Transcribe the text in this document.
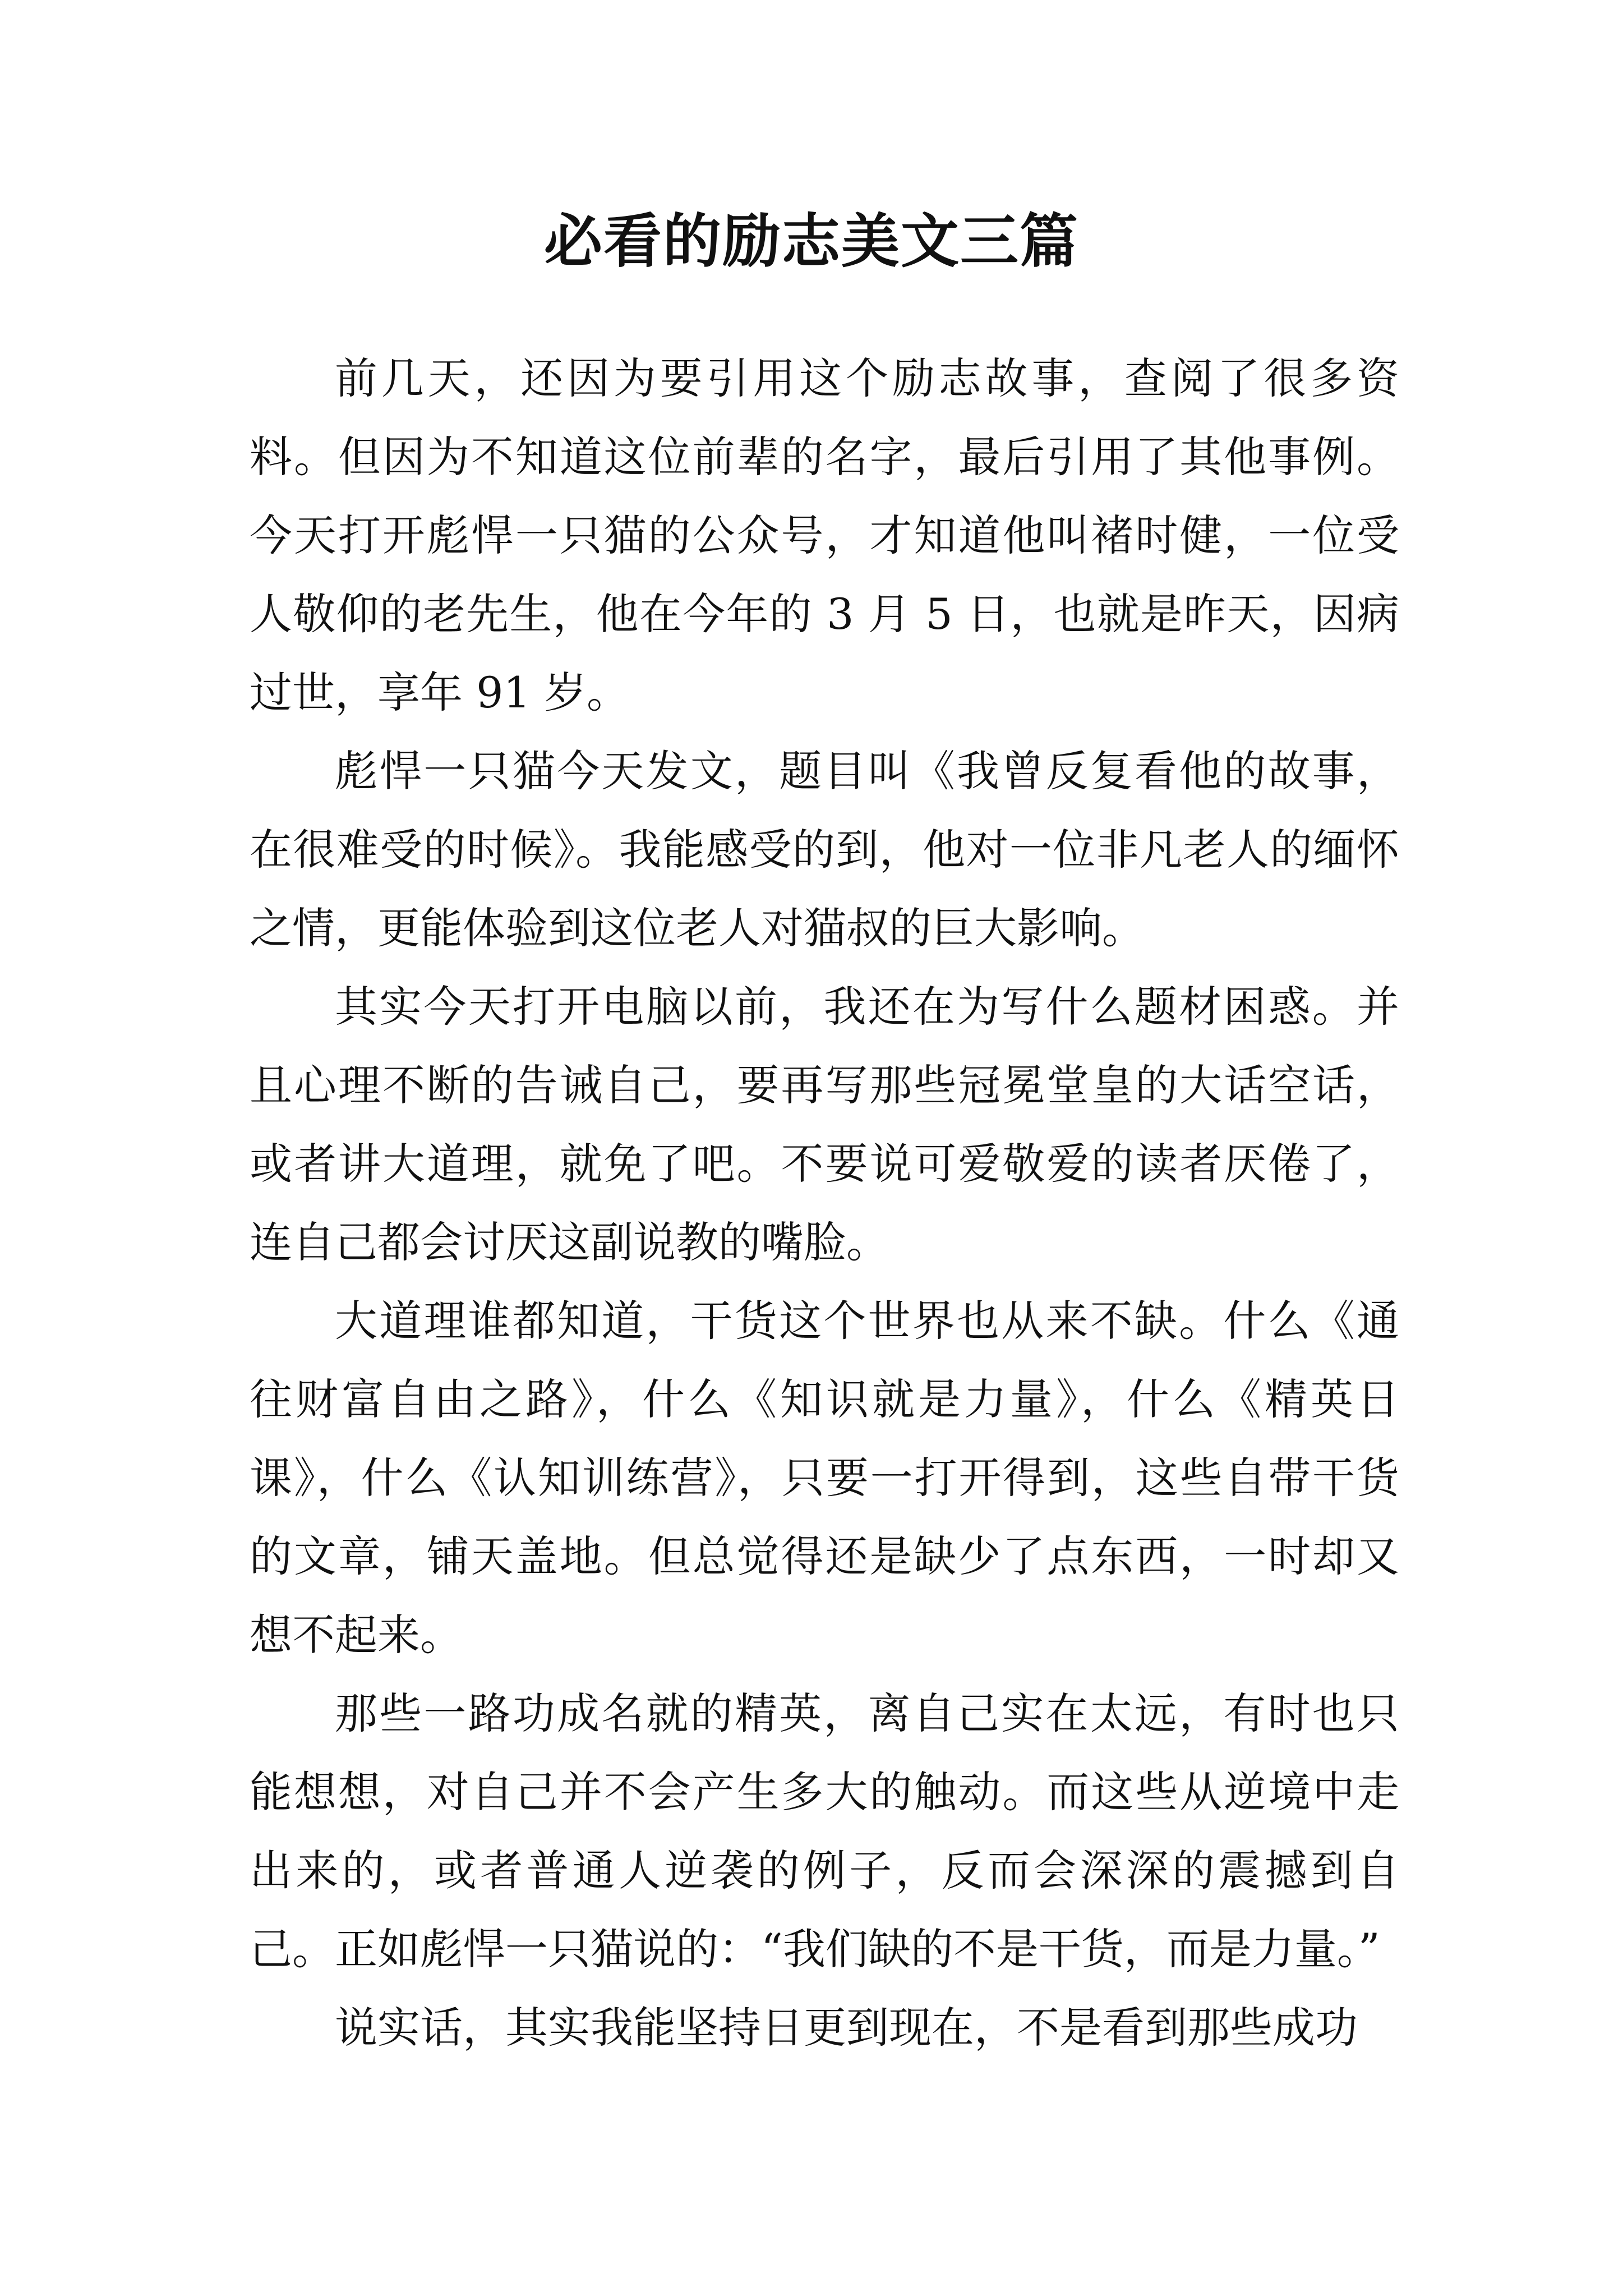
必看的励志美文三篇

前几天，还因为要引用这个励志故事，查阅了很多资料。但因为不知道这位前辈的名字，最后引用了其他事例。今天打开彪悍一只猫的公众号，才知道他叫褚时健，一位受人敬仰的老先生，他在今年的 3 月 5 日，也就是昨天，因病过世，享年 91 岁。

彪悍一只猫今天发文，题目叫《我曾反复看他的故事，在很难受的时候》。我能感受的到，他对一位非凡老人的缅怀之情，更能体验到这位老人对猫叔的巨大影响。

其实今天打开电脑以前，我还在为写什么题材困惑。并且心理不断的告诫自己，要再写那些冠冕堂皇的大话空话，或者讲大道理，就免了吧。不要说可爱敬爱的读者厌倦了，连自己都会讨厌这副说教的嘴脸。

大道理谁都知道，干货这个世界也从来不缺。什么《通往财富自由之路》，什么《知识就是力量》，什么《精英日课》，什么《认知训练营》，只要一打开得到，这些自带干货的文章，铺天盖地。但总觉得还是缺少了点东西，一时却又想不起来。

那些一路功成名就的精英，离自己实在太远，有时也只能想想，对自己并不会产生多大的触动。而这些从逆境中走出来的，或者普通人逆袭的例子，反而会深深的震撼到自己。正如彪悍一只猫说的：“我们缺的不是干货，而是力量。”

说实话，其实我能坚持日更到现在，不是看到那些成功
